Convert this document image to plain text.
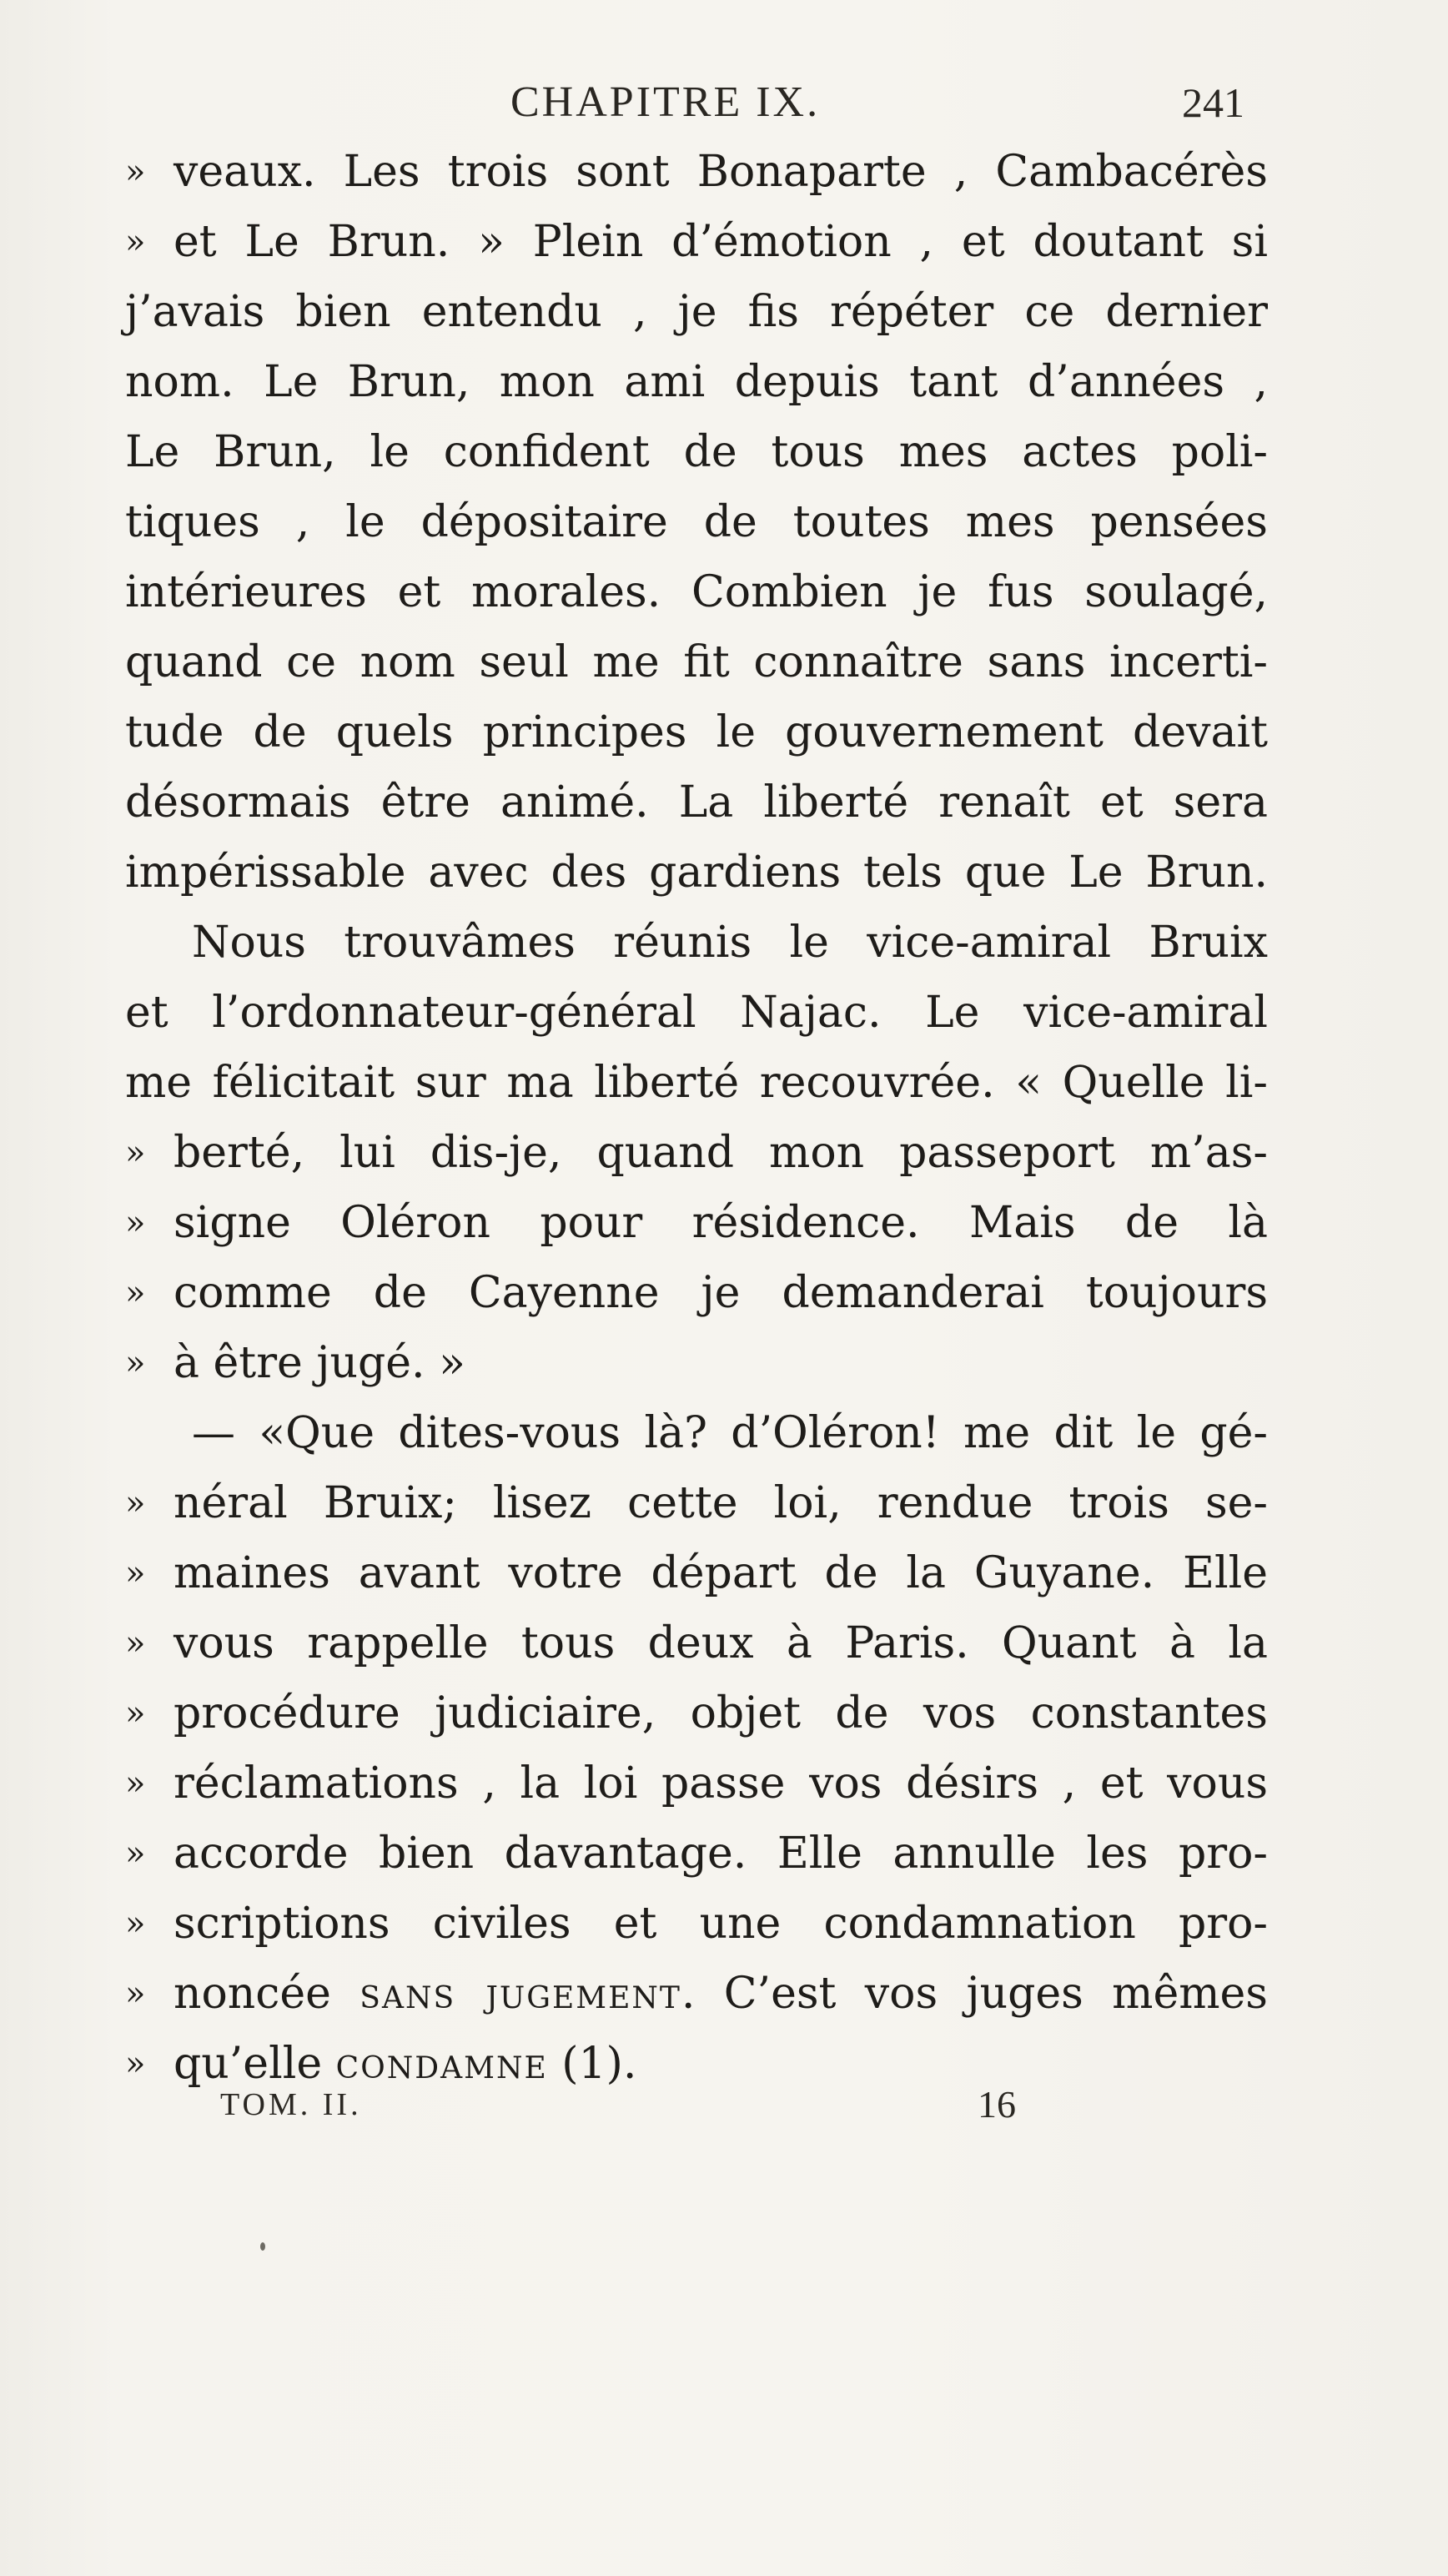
CHAPITRE IX.	241
» veaux. Les trois sont Bonaparte , Cambacérès
» et Le Brun. » Plein d’émotion , et doutant si
j’avais bien entendu , je fis répéter ce dernier
nom. Le Brun, mon ami depuis tant d’années ,
Le Brun, le confident de tous mes actes poli-
tiques , le dépositaire de toutes mes pensées
intérieures et morales. Combien je fus soulagé,
quand ce nom seul me fit connaître sans incerti-
tude de quels principes le gouvernement devait
désormais être animé. La liberté renaît et sera
impérissable avec des gardiens tels que Le Brun.
Nous trouvâmes réunis le vice-amiral Bruix
et l’ordonnateur-général Najac. Le vice-amiral
me félicitait sur ma liberté recouvrée. « Quelle li-
» berté, lui dis-je, quand mon passeport m’as-
» signe Oléron pour résidence. Mais de là
» comme de Cayenne je demanderai toujours
» à être jugé. »
— «Que dites-vous là? d’Oléron! me dit le gé-
» néral Bruix; lisez cette loi, rendue trois se-
» maines avant votre départ de la Guyane. Elle
» vous rappelle tous deux à Paris. Quant à la
» procédure judiciaire, objet de vos constantes
» réclamations , la loi passe vos désirs , et vous
» accorde bien davantage. Elle annulle les pro-
» scriptions civiles et une condamnation pro-
» noncée sans jugement. C’est vos juges mêmes
» qu’elle condamne (1).
TOM. II.	16
